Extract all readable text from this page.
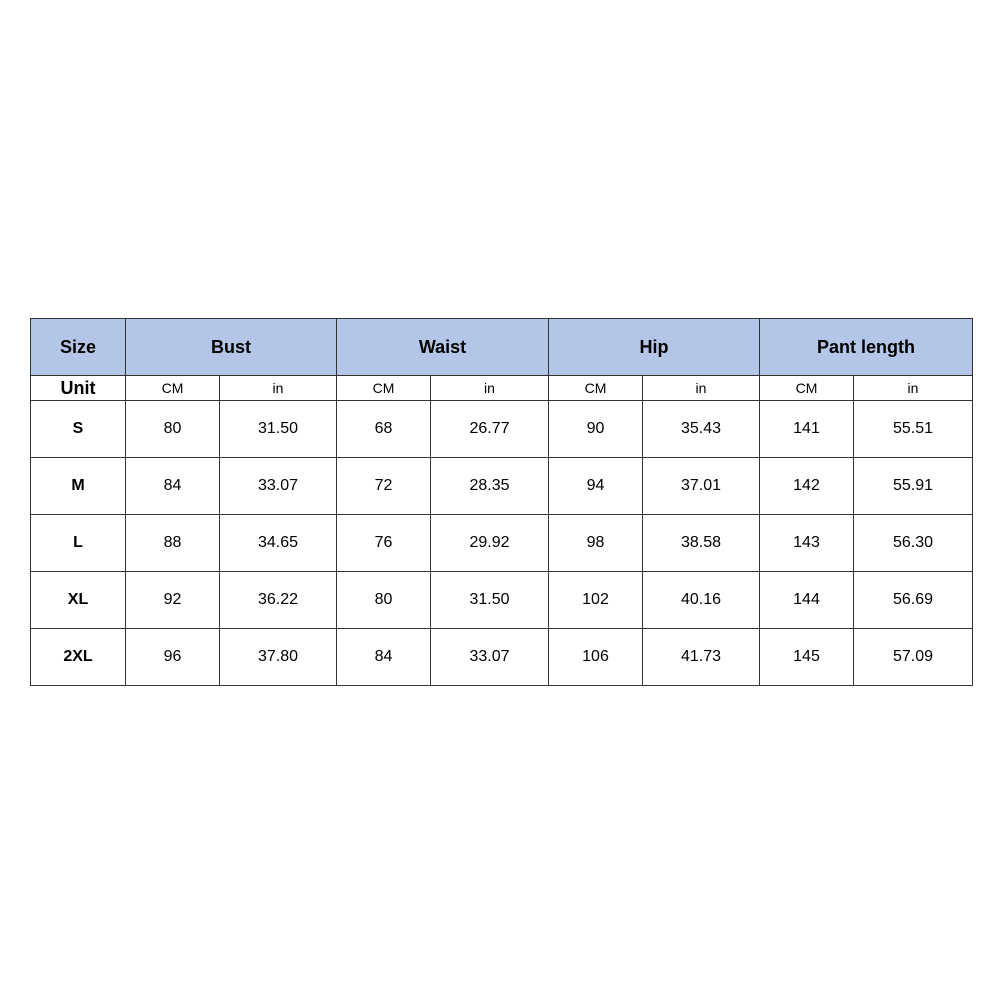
Size	Bust		Waist		Hip		Pant length	
Unit	CM	in	CM	in	CM	in	CM	in
S	80	31.50	68	26.77	90	35.43	141	55.51
M	84	33.07	72	28.35	94	37.01	142	55.91
L	88	34.65	76	29.92	98	38.58	143	56.30
XL	92	36.22	80	31.50	102	40.16	144	56.69
2XL	96	37.80	84	33.07	106	41.73	145	57.09
